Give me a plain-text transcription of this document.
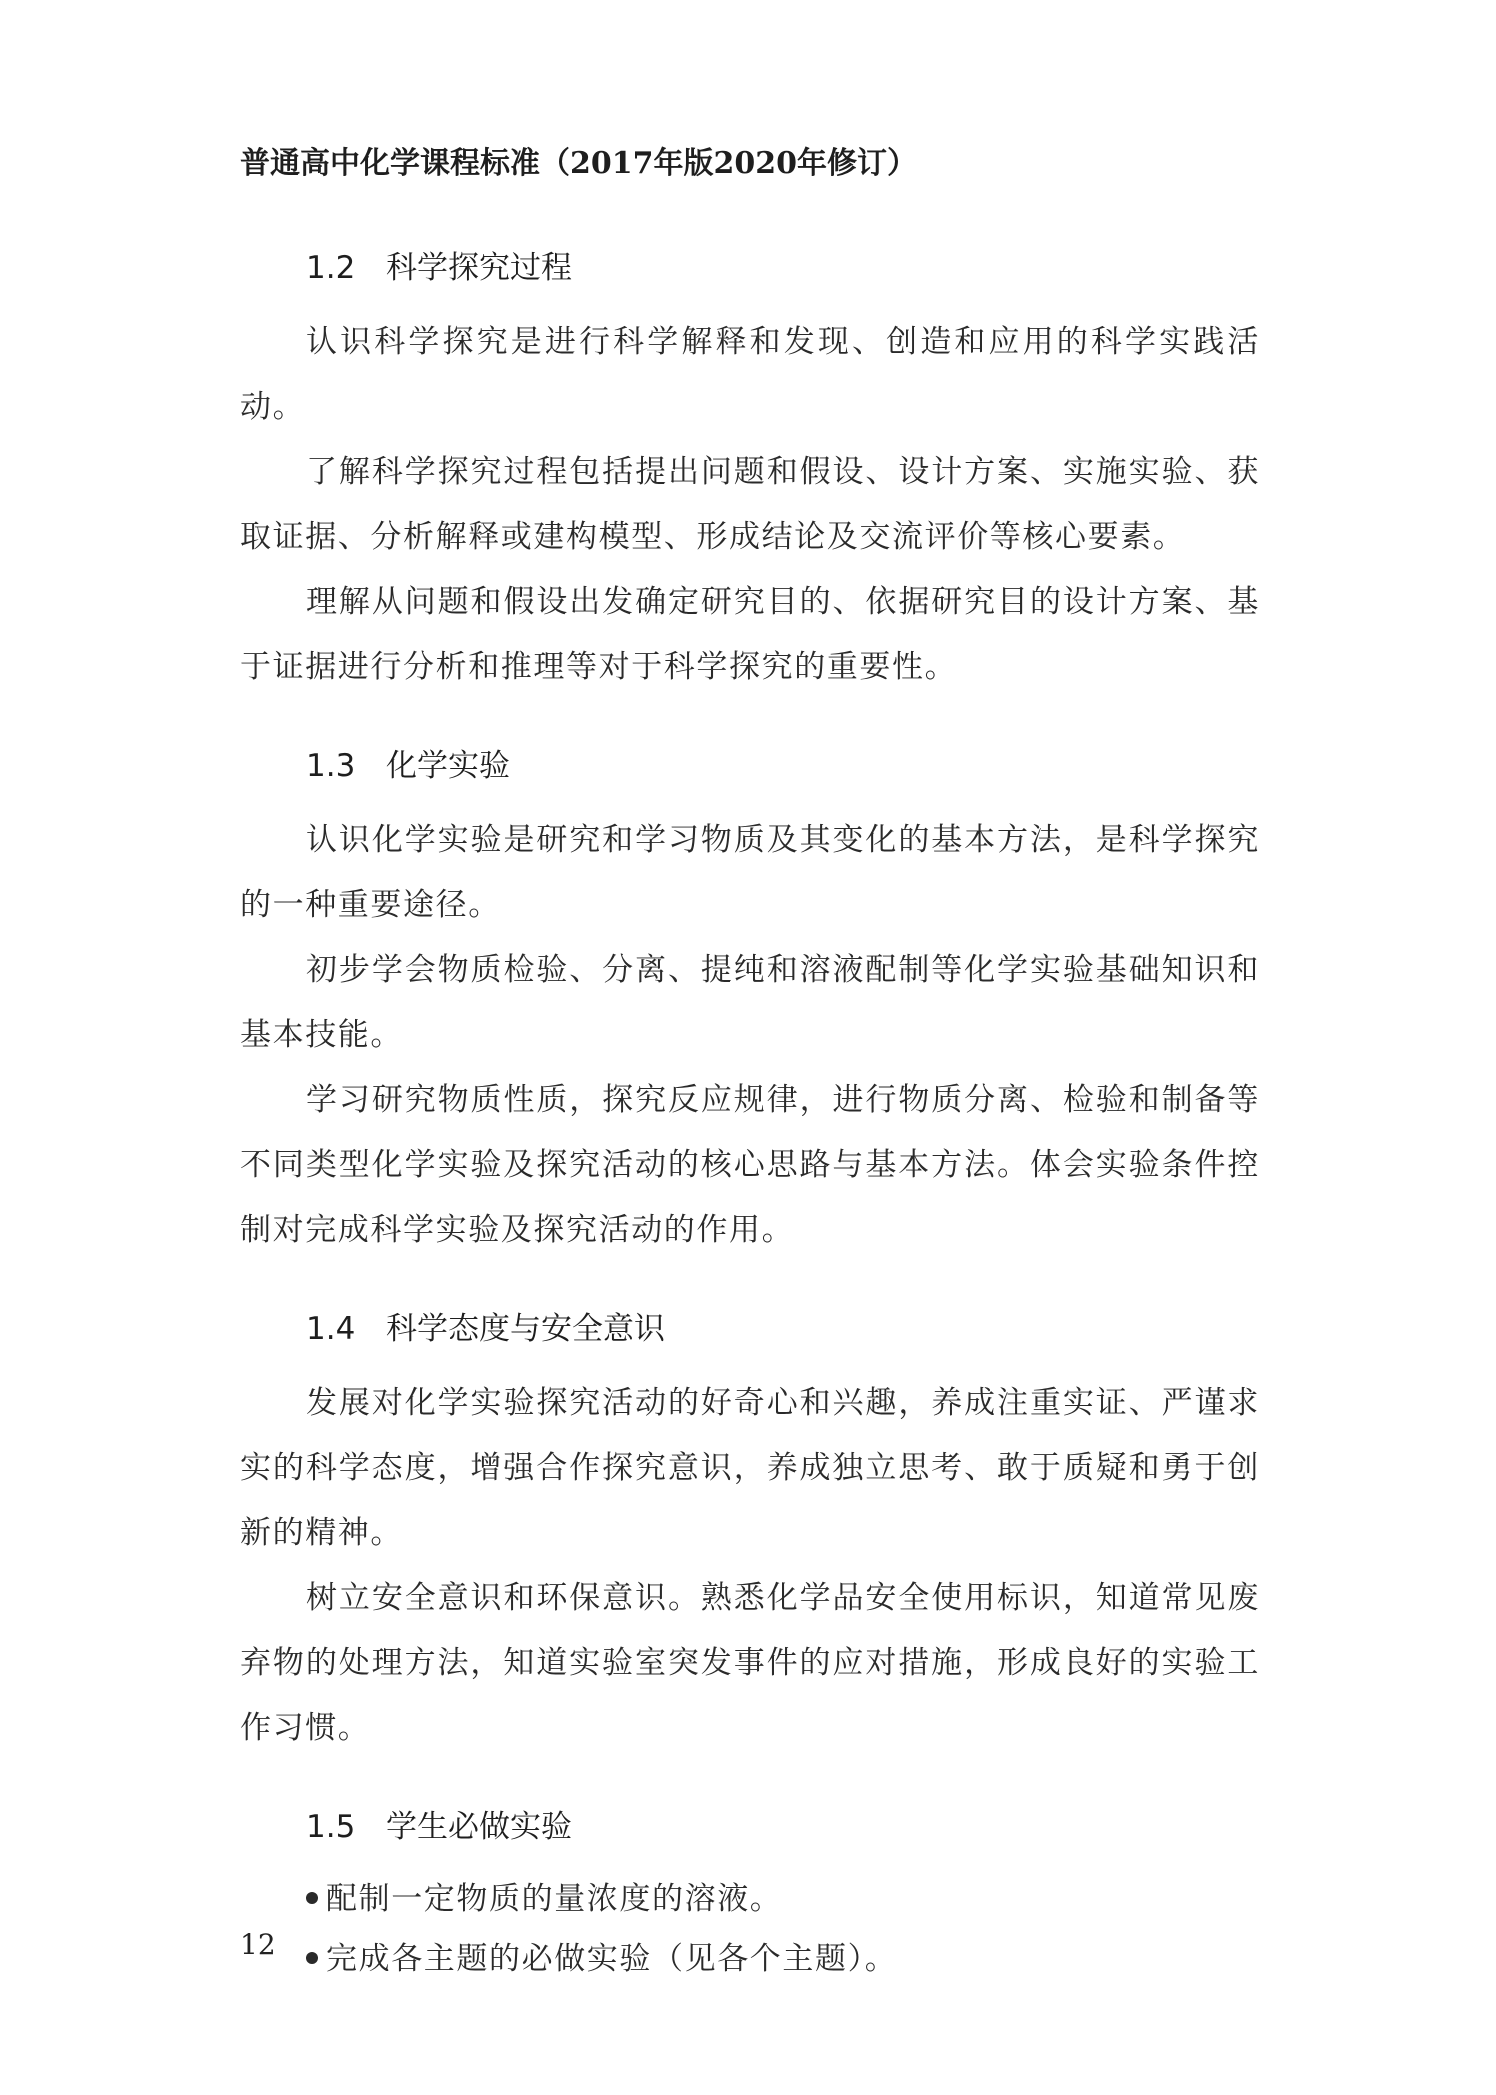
普通高中化学课程标准（2017年版2020年修订）
1.2 科学探究过程

认识科学探究是进行科学解释和发现、创造和应用的科学实践活动。

了解科学探究过程包括提出问题和假设、设计方案、实施实验、获取证据、分析解释或建构模型、形成结论及交流评价等核心要素。

理解从问题和假设出发确定研究目的、依据研究目的设计方案、基于证据进行分析和推理等对于科学探究的重要性。

1.3 化学实验

认识化学实验是研究和学习物质及其变化的基本方法，是科学探究的一种重要途径。

初步学会物质检验、分离、提纯和溶液配制等化学实验基础知识和基本技能。

学习研究物质性质，探究反应规律，进行物质分离、检验和制备等不同类型化学实验及探究活动的核心思路与基本方法。体会实验条件控制对完成科学实验及探究活动的作用。

1.4 科学态度与安全意识

发展对化学实验探究活动的好奇心和兴趣，养成注重实证、严谨求实的科学态度，增强合作探究意识，养成独立思考、敢于质疑和勇于创新的精神。

树立安全意识和环保意识。熟悉化学品安全使用标识，知道常见废弃物的处理方法，知道实验室突发事件的应对措施，形成良好的实验工作习惯。

1.5 学生必做实验
配制一定物质的量浓度的溶液。
完成各主题的必做实验（见各个主题）。
12
